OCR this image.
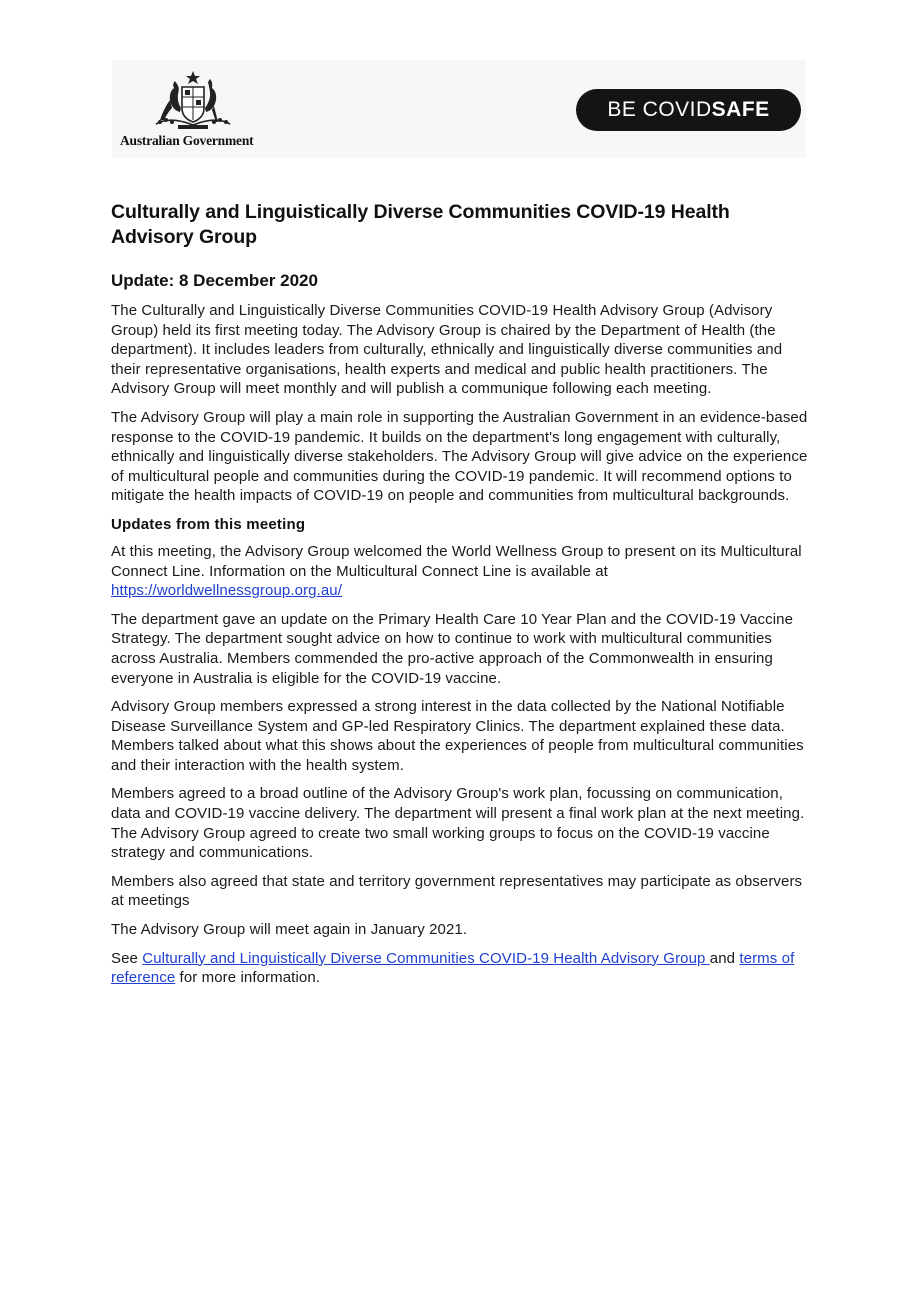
Australian Government
BE COVID SAFE
Culturally and Linguistically Diverse Communities COVID-19 Health Advisory Group
Update: 8 December 2020

The Culturally and Linguistically Diverse Communities COVID-19 Health Advisory Group (Advisory Group) held its first meeting today. The Advisory Group is chaired by the Department of Health (the department). It includes leaders from culturally, ethnically and linguistically diverse communities and their representative organisations, health experts and medical and public health practitioners. The Advisory Group will meet monthly and will publish a communique following each meeting.

The Advisory Group will play a main role in supporting the Australian Government in an evidence-based response to the COVID-19 pandemic. It builds on the department's long engagement with culturally, ethnically and linguistically diverse stakeholders. The Advisory Group will give advice on the experience of multicultural people and communities during the COVID-19 pandemic. It will recommend options to mitigate the health impacts of COVID-19 on people and communities from multicultural backgrounds.

Updates from this meeting

At this meeting, the Advisory Group welcomed the World Wellness Group to present on its Multicultural Connect Line. Information on the Multicultural Connect Line is available at https://worldwellnessgroup.org.au/

The department gave an update on the Primary Health Care 10 Year Plan and the COVID-19 Vaccine Strategy. The department sought advice on how to continue to work with multicultural communities across Australia. Members commended the pro-active approach of the Commonwealth in ensuring everyone in Australia is eligible for the COVID-19 vaccine.

Advisory Group members expressed a strong interest in the data collected by the National Notifiable Disease Surveillance System and GP-led Respiratory Clinics. The department explained these data. Members talked about what this shows about the experiences of people from multicultural communities and their interaction with the health system.

Members agreed to a broad outline of the Advisory Group's work plan, focussing on communication, data and COVID-19 vaccine delivery. The department will present a final work plan at the next meeting. The Advisory Group agreed to create two small working groups to focus on the COVID-19 vaccine strategy and communications.

Members also agreed that state and territory government representatives may participate as observers at meetings

The Advisory Group will meet again in January 2021.

See Culturally and Linguistically Diverse Communities COVID-19 Health Advisory Group and terms of reference for more information.
